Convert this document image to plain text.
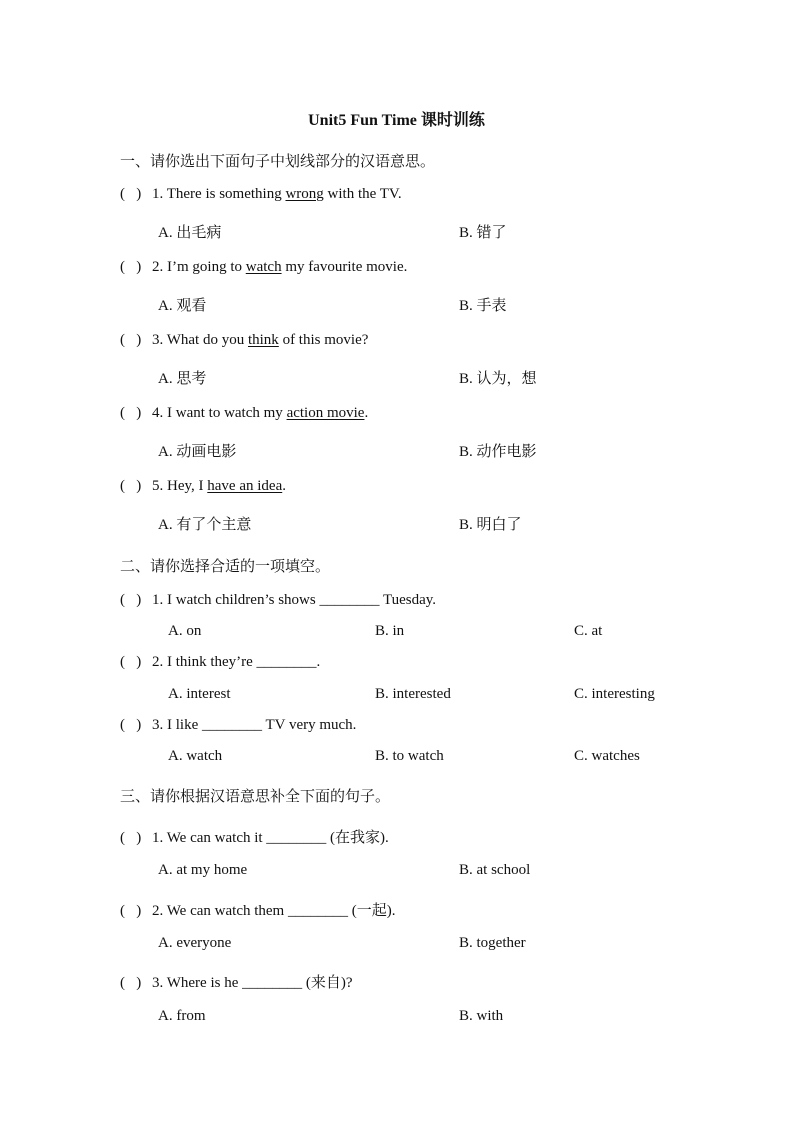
Unit5 Fun Time 课时训练
一、请你选出下面句子中划线部分的汉语意思。
( ) 1. There is something wrong with the TV.
A. 出毛病	B. 错了
( ) 2. I’m going to watch my favourite movie.
A. 观看	B. 手表
( ) 3. What do you think of this movie?
A. 思考	B. 认为，想
( ) 4. I want to watch my action movie.
A. 动画电影	B. 动作电影
( ) 5. Hey, I have an idea.
A. 有了个主意	B. 明白了
二、请你选择合适的一项填空。
( ) 1. I watch children’s shows ________ Tuesday.
A. on	B. in	C. at
( ) 2. I think they’re ________.
A. interest	B. interested	C. interesting
( ) 3. I like ________ TV very much.
A. watch	B. to watch	C. watches
三、请你根据汉语意思补全下面的句子。
( ) 1. We can watch it ________ (在我家).
A. at my home	B. at school
( ) 2. We can watch them ________ (一起).
A. everyone	B. together
( ) 3. Where is he ________ (来自)?
A. from	B. with
